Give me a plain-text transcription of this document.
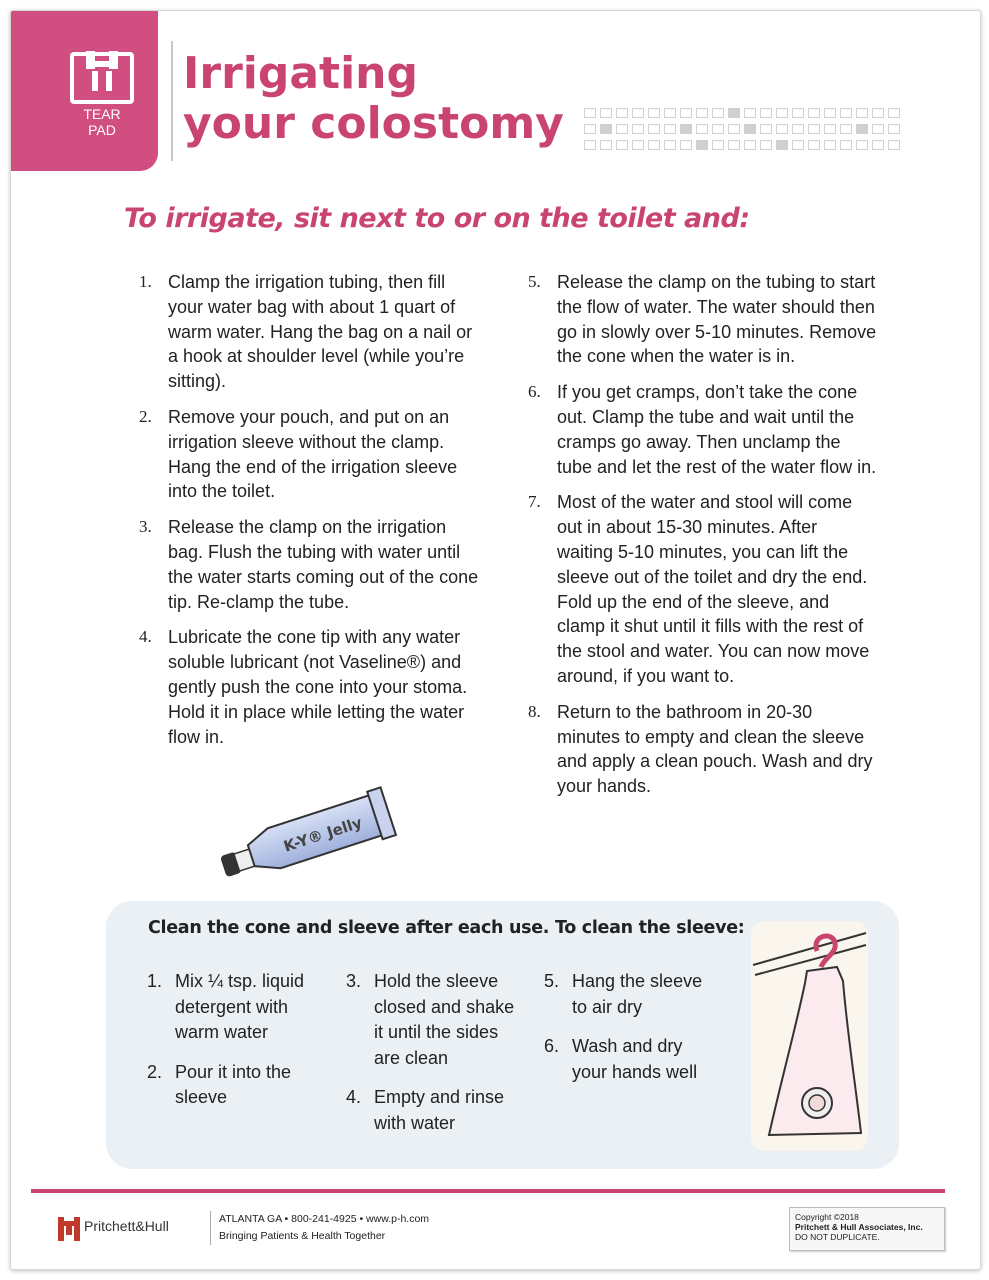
TEAR
PAD
Irrigating
your colostomy
To irrigate, sit next to or on the toilet and:
1. Clamp the irrigation tubing, then fill your water bag with about 1 quart of warm water. Hang the bag on a nail or a hook at shoulder level (while you’re sitting).
2. Remove your pouch, and put on an irrigation sleeve without the clamp. Hang the end of the irrigation sleeve into the toilet.
3. Release the clamp on the irrigation bag. Flush the tubing with water until the water starts coming out of the cone tip. Re-clamp the tube.
4. Lubricate the cone tip with any water soluble lubricant (not Vaseline®) and gently push the cone into your stoma. Hold it in place while letting the water flow in.
5. Release the clamp on the tubing to start the flow of water. The water should then go in slowly over 5-10 minutes. Remove the cone when the water is in.
6. If you get cramps, don’t take the cone out. Clamp the tube and wait until the cramps go away. Then unclamp the tube and let the rest of the water flow in.
7. Most of the water and stool will come out in about 15-30 minutes. After waiting 5-10 minutes, you can lift the sleeve out of the toilet and dry the end. Fold up the end of the sleeve, and clamp it shut until it fills with the rest of the stool and water. You can now move around, if you want to.
8. Return to the bathroom in 20-30 minutes to empty and clean the sleeve and apply a clean pouch. Wash and dry your hands.
K-Y® Jelly
Clean the cone and sleeve after each use. To clean the sleeve:
1. Mix ¼ tsp. liquid detergent with warm water
2. Pour it into the sleeve
3. Hold the sleeve closed and shake it until the sides are clean
4. Empty and rinse with water
5. Hang the sleeve to air dry
6. Wash and dry your hands well
Pritchett&Hull	ATLANTA GA • 800-241-4925 • www.p-h.com
Bringing Patients & Health Together
Copyright ©2018
Pritchett & Hull Associates, Inc.
DO NOT DUPLICATE.
